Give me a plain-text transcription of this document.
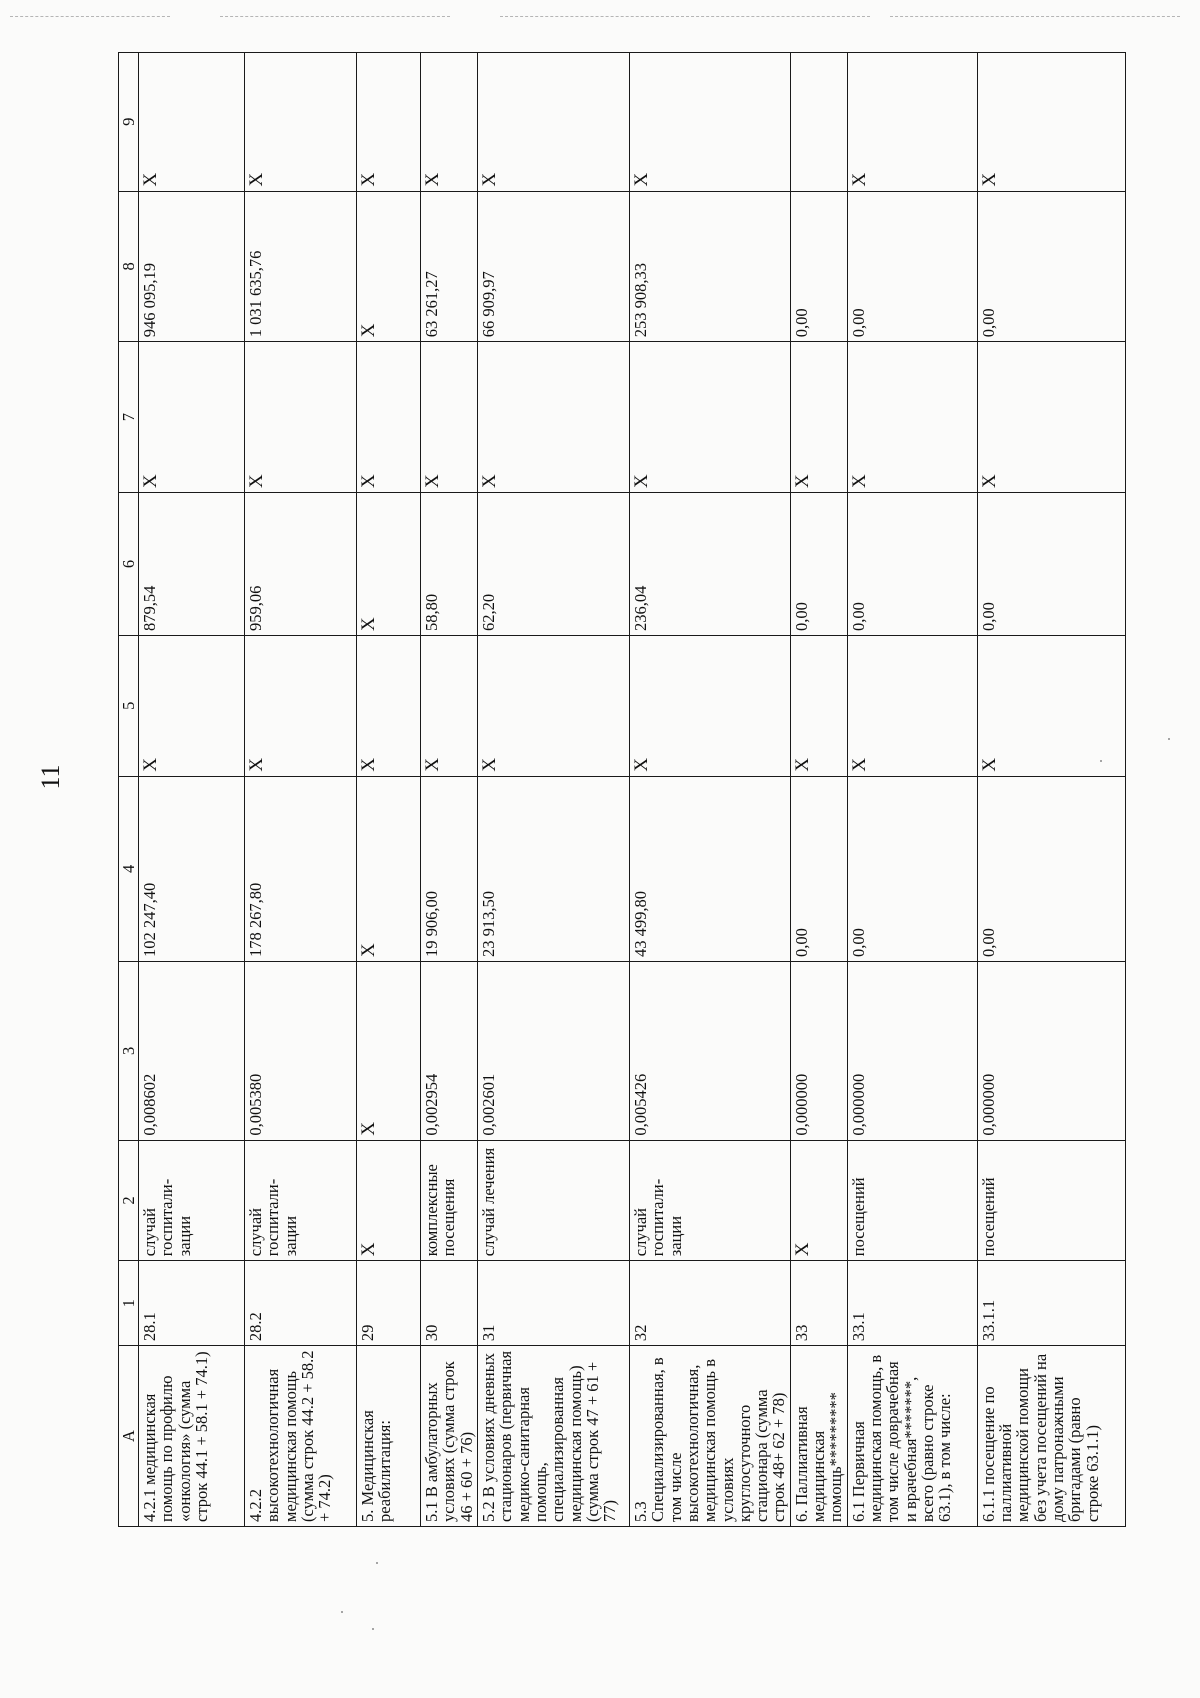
11
A	1	2	3	4	5	6	7	8	9
4.2.1 медицинская помощь по профилю «онкология» (сумма строк 44.1 + 58.1 + 74.1)	28.1	случай госпитали-зации	0,008602	102 247,40	X	879,54	X	946 095,19	X
4.2.2 высокотехнологичная медицинская помощь (сумма строк 44.2 + 58.2 + 74.2)	28.2	случай госпитали-зации	0,005380	178 267,80	X	959,06	X	1 031 635,76	X
5. Медицинская реабилитация:	29	X	X	X	X	X	X	X	X
5.1 В амбулаторных условиях (сумма строк 46 + 60 + 76)	30	комплексные посещения	0,002954	19 906,00	X	58,80	X	63 261,27	X
5.2 В условиях дневных стационаров (первичная медико-санитарная помощь, специализированная медицинская помощь) (сумма строк 47 + 61 + 77)	31	случай лечения	0,002601	23 913,50	X	62,20	X	66 909,97	X
5.3 Специализированная, в том числе высокотехнологичная, медицинская помощь в условиях круглосуточного стационара (сумма строк 48+ 62 + 78)	32	случай госпитали-зации	0,005426	43 499,80	X	236,04	X	253 908,33	X
6. Паллиативная медицинская помощь*********	33	X	0,000000	0,00	X	0,00	X	0,00	
6.1 Первичная медицинская помощь, в том числе доврачебная и врачебная*******, всего (равно строке 63.1), в том числе:	33.1	посещений	0,000000	0,00	X	0,00	X	0,00	X
6.1.1 посещение по паллиативной медицинской помощи без учета посещений на дому патронажными бригадами (равно строке 63.1.1)	33.1.1	посещений	0,000000	0,00	X	0,00	X	0,00	X
